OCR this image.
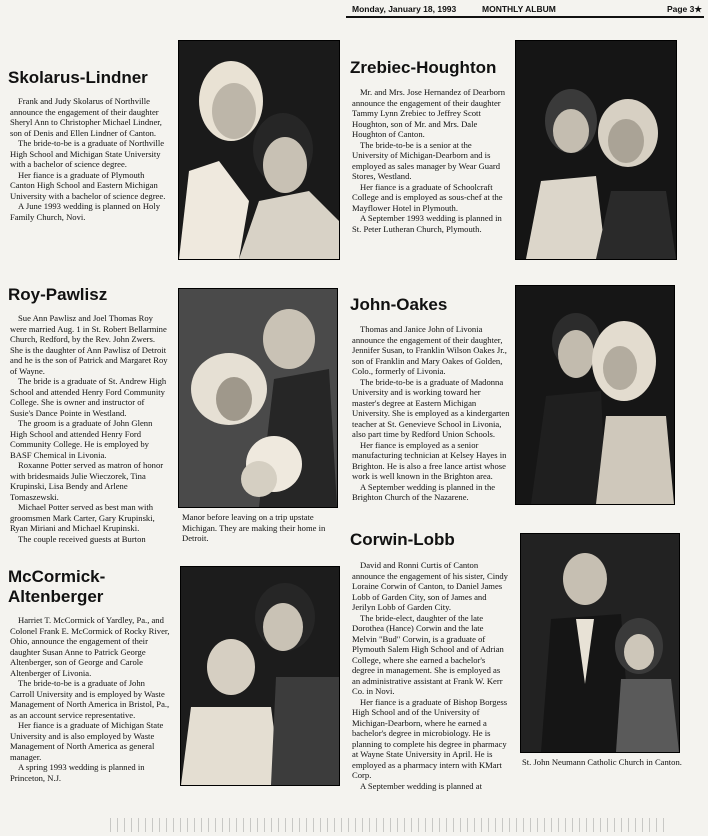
Monday, January 18, 1993	MONTHLY ALBUM	Page 3★
Skolarus-Lindner

Frank and Judy Skolarus of Northville announce the engagement of their daughter Sheryl Ann to Christopher Michael Lindner, son of Denis and Ellen Lindner of Canton.

The bride-to-be is a graduate of Northville High School and Michigan State University with a bachelor of science degree.

Her fiance is a graduate of Plymouth Canton High School and Eastern Michigan University with a bachelor of science degree.

A June 1993 wedding is planned on Holy Family Church, Novi.

Zrebiec-Houghton

Mr. and Mrs. Jose Hernandez of Dearborn announce the engagement of their daughter Tammy Lynn Zrebiec to Jeffrey Scott Houghton, son of Mr. and Mrs. Dale Houghton of Canton.

The bride-to-be is a senior at the University of Michigan-Dearborn and is employed as sales manager by Wear Guard Stores, Westland.

Her fiance is a graduate of Schoolcraft College and is employed as sous-chef at the Mayflower Hotel in Plymouth.

A September 1993 wedding is planned in St. Peter Lutheran Church, Plymouth.

Roy-Pawlisz

Sue Ann Pawlisz and Joel Thomas Roy were married Aug. 1 in St. Robert Bellarmine Church, Redford, by the Rev. John Zwers. She is the daughter of Ann Pawlisz of Detroit and he is the son of Patrick and Margaret Roy of Wayne.

The bride is a graduate of St. Andrew High School and attended Henry Ford Community College. She is owner and instructor of Susie's Dance Pointe in Westland.

The groom is a graduate of John Glenn High School and attended Henry Ford Community College. He is employed by BASF Chemical in Livonia.

Roxanne Potter served as matron of honor with bridesmaids Julie Wieczorek, Tina Krupinski, Lisa Bendy and Arlene Tomaszewski.

Michael Potter served as best man with groomsmen Mark Carter, Gary Krupinski, Ryan Miriani and Michael Krupinski.

The couple received guests at Burton

Manor before leaving on a trip upstate Michigan. They are making their home in Detroit.
John-Oakes

Thomas and Janice John of Livonia announce the engagement of their daughter, Jennifer Susan, to Franklin Wilson Oakes Jr., son of Franklin and Mary Oakes of Golden, Colo., formerly of Livonia.

The bride-to-be is a graduate of Madonna University and is working toward her master's degree at Eastern Michigan University. She is employed as a kindergarten teacher at St. Genevieve School in Livonia, also part time by Redford Union Schools.

Her fiance is employed as a senior manufacturing technician at Kelsey Hayes in Brighton. He is also a free lance artist whose work is well known in the Brighton area.

A September wedding is planned in the Brighton Church of the Nazarene.

Corwin-Lobb

David and Ronni Curtis of Canton announce the engagement of his sister, Cindy Loraine Corwin of Canton, to Daniel James Lobb of Garden City, son of James and Jerilyn Lobb of Garden City.

The bride-elect, daughter of the late Dorothea (Hance) Corwin and the late Melvin "Bud" Corwin, is a graduate of Plymouth Salem High School and of Adrian College, where she earned a bachelor's degree in management. She is employed as an administrative assistant at Frank W. Kerr Co. in Novi.

Her fiance is a graduate of Bishop Borgess High School and of the University of Michigan-Dearborn, where he earned a bachelor's degree in microbiology. He is planning to complete his degree in pharmacy at Wayne State University in April. He is employed as a pharmacy intern with KMart Corp.

A September wedding is planned at

St. John Neumann Catholic Church in Canton.
McCormick-Altenberger

Harriet T. McCormick of Yardley, Pa., and Colonel Frank E. McCormick of Rocky River, Ohio, announce the engagement of their daughter Susan Anne to Patrick George Altenberger, son of George and Carole Altenberger of Livonia.

The bride-to-be is a graduate of John Carroll University and is employed by Waste Management of North America in Bristol, Pa., as an account service representative.

Her fiance is a graduate of Michigan State University and is also employed by Waste Management of North America as general manager.

A spring 1993 wedding is planned in Princeton, N.J.
